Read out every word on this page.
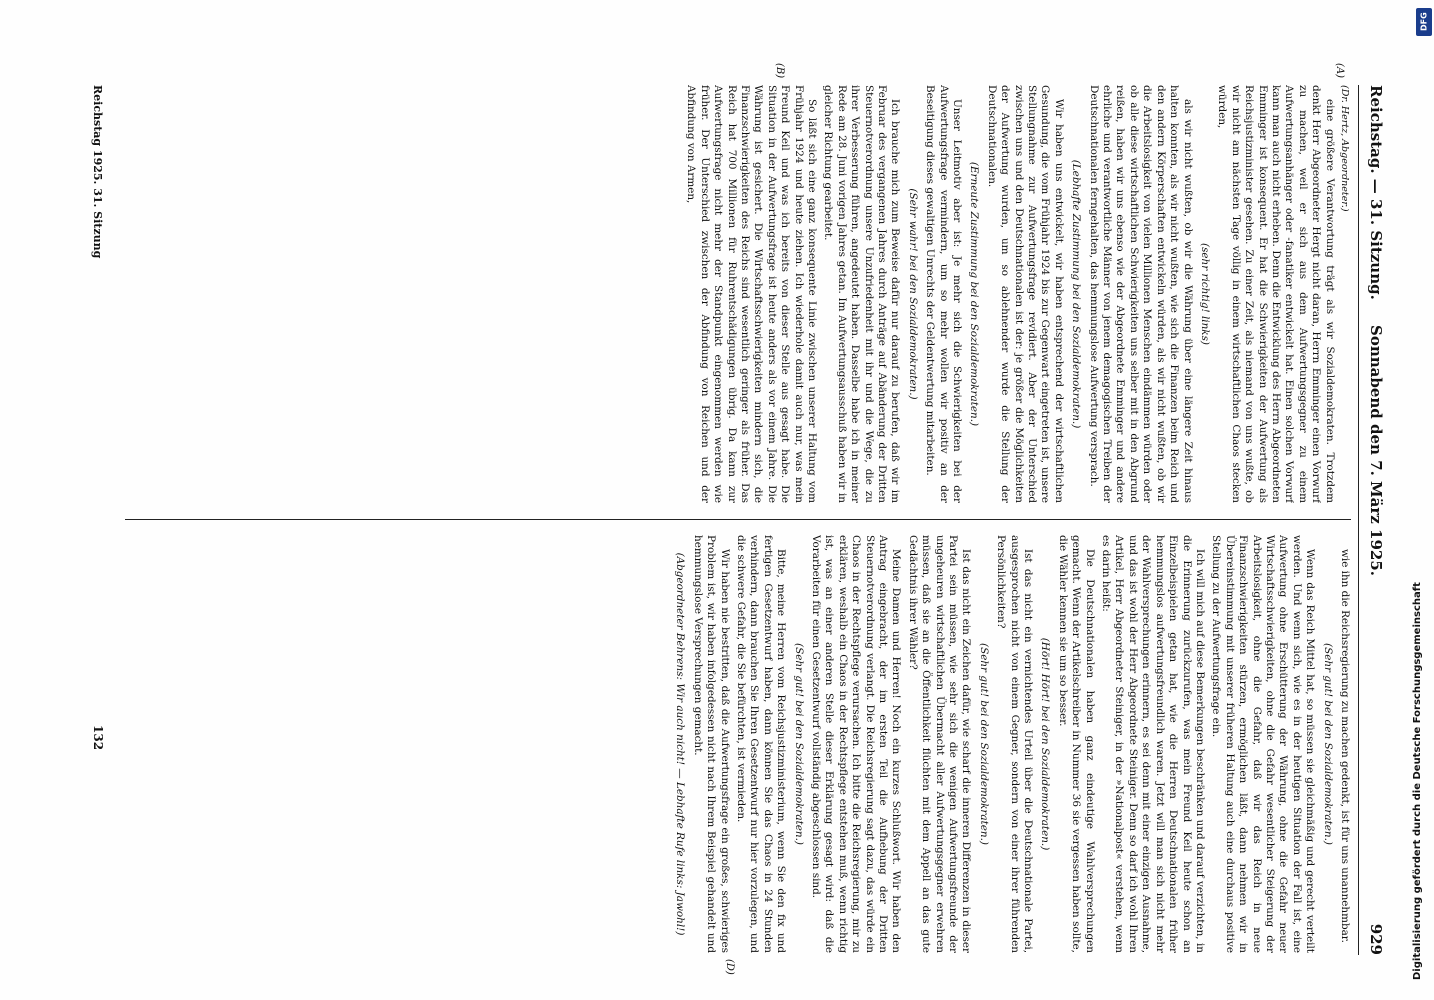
Reichstag. — 31. Sitzung.
Sonnabend den 7. März 1925.
929
(Dr. Hertz, Abgeordneter.)

eine größere Verantwortung trägt als wir Sozialdemokraten. Trotzdem denkt Herr Abgeordneter Hergt nicht daran, Herrn Emminger einen Vorwurf zu machen, weil er sich aus dem Aufwertungsgegner zu einem Aufwertungsanhänger oder -fanatiker entwickelt hat. Einen solchen Vorwurf kann man auch nicht erheben. Denn die Entwicklung des Herrn Abgeordneten Emminger ist konsequent. Er hat die Schwierigkeiten der Aufwertung als Reichsjustizminister gesehen. Zu einer Zeit, als niemand von uns wußte, ob wir nicht am nächsten Tage völlig in einem wirtschaftlichen Chaos stecken würden,

(sehr richtig! links)

als wir nicht wußten, ob wir die Währung über eine längere Zeit hinaus halten konnten, als wir nicht wußten, wie sich die Finanzen beim Reich und den andern Körperschaften entwickeln würden, als wir nicht wußten, ob wir die Arbeitslosigkeit von vielen Millionen Menschen eindämmen würden oder ob alle diese wirtschaftlichen Schwierigkeiten uns selber mit in den Abgrund reißen, haben wir uns ebenso wie der Abgeordnete Emminger und andere ehrliche und verantwortliche Männer von jenem demagogischen Treiben der Deutschnationalen ferngehalten, das hemmungslose Aufwertung versprach.

(Lebhafte Zustimmung bei den Sozialdemokraten.)

Wir haben uns entwickelt, wir haben entsprechend der wirtschaftlichen Gesundung, die vom Frühjahr 1924 bis zur Gegenwart eingetreten ist, unsere Stellungnahme zur Aufwertungsfrage revidiert. Aber der Unterschied zwischen uns und den Deutschnationalen ist der: je größer die Möglichkeiten der Aufwertung wurden, um so ablehnender wurde die Stellung der Deutschnationalen.

(Erneute Zustimmung bei den Sozialdemokraten.)

Unser Leitmotiv aber ist: Je mehr sich die Schwierigkeiten bei der Aufwertungsfrage vermindern, um so mehr wollen wir positiv an der Beseitigung dieses gewaltigen Unrechts der Geldentwertung mitarbeiten.

(Sehr wahr! bei den Sozialdemokraten.)

Ich brauche mich zum Beweise dafür nur darauf zu berufen, daß wir im Februar des vergangenen Jahres durch Anträge auf Abänderung der Dritten Steuernotverordnung unsere Unzufriedenheit mit ihr und die Wege, die zu ihrer Verbesserung führen, angedeutet haben. Dasselbe habe ich in meiner Rede am 28. Juni vorigen Jahres getan. Im Aufwertungsausschuß haben wir in gleicher Richtung gearbeitet.

So läßt sich eine ganz konsequente Linie zwischen unserer Haltung vom Frühjahr 1924 und heute ziehen. Ich wiederhole damit auch nur, was mein Freund Keil und was ich bereits von dieser Stelle aus gesagt habe. Die Situation in der Aufwertungsfrage ist heute anders als vor einem Jahre. Die Währung ist gesichert. Die Wirtschaftsschwierigkeiten mindern sich, die Finanzschwierigkeiten des Reichs sind wesentlich geringer als früher. Das Reich hat 700 Millionen für Ruhrentschädigungen übrig. Da kann zur Aufwertungsfrage nicht mehr der Standpunkt eingenommen werden wie früher. Der Unterschied zwischen der Abfindung von Reichen und der Abfindung von Armen,

wie ihn die Reichsregierung zu machen gedenkt, ist für uns unannehmbar.

(Sehr gut! bei den Sozialdemokraten.)

Wenn das Reich Mittel hat, so müssen sie gleichmäßig und gerecht verteilt werden. Und wenn sich, wie es in der heutigen Situation der Fall ist, eine Aufwertung ohne Erschütterung der Währung, ohne die Gefahr neuer Wirtschaftsschwierigkeiten, ohne die Gefahr wesentlicher Steigerung der Arbeitslosigkeit, ohne die Gefahr, daß wir das Reich in neue Finanzschwierigkeiten stürzen, ermöglichen läßt, dann nehmen wir in Übereinstimmung mit unserer früheren Haltung auch eine durchaus positive Stellung zu der Aufwertungsfrage ein.

Ich will mich auf diese Bemerkungen beschränken und darauf verzichten, in die Erinnerung zurückzurufen, was mein Freund Keil heute schon an Einzelbeispielen getan hat, wie die Herren Deutschnationalen früher hemmungslos aufwertungsfreundlich waren. Jetzt will man sich nicht mehr der Wahlversprechungen erinnern, es sei denn mit einer einzigen Ausnahme, und das ist wohl der Herr Abgeordnete Steiniger. Denn so darf ich wohl Ihren Artikel, Herr Abgeordneter Steiniger, in der »Nationalpost« verstehen, wenn es darin heißt:

Die Deutschnationalen haben ganz eindeutige Wahlversprechungen gemacht. Wenn der Artikelschreiber in Nummer 36 sie vergessen haben sollte, die Wähler kennen sie um so besser.

(Hört! Hört! bei den Sozialdemokraten.)

Ist das nicht ein vernichtendes Urteil über die Deutschnationale Partei, ausgesprochen nicht von einem Gegner, sondern von einer ihrer führenden Persönlichkeiten?

(Sehr gut! bei den Sozialdemokraten.)

Ist das nicht ein Zeichen dafür, wie scharf die inneren Differenzen in dieser Partei sein müssen, wie sehr sich die wenigen Aufwertungsfreunde der ungeheuren wirtschaftlichen Übermacht aller Aufwertungsgegner erwehren müssen, daß sie an die Öffentlichkeit flüchten mit dem Appell an das gute Gedächtnis ihrer Wähler?

Meine Damen und Herren! Noch ein kurzes Schlußwort. Wir haben den Antrag eingebracht, der im ersten Teil die Aufhebung der Dritten Steuernotverordnung verlangt. Die Reichsregierung sagt dazu, das würde ein Chaos in der Rechtspflege verursachen. Ich bitte die Reichsregierung, mir zu erklären, weshalb ein Chaos in der Rechtspflege entstehen muß, wenn richtig ist, was an einer anderen Stelle dieser Erklärung gesagt wird: daß die Vorarbeiten für einen Gesetzentwurf vollständig abgeschlossen sind.

(Sehr gut! bei den Sozialdemokraten.)

Bitte, meine Herren vom Reichsjustizministerium, wenn Sie den fix und fertigen Gesetzentwurf haben, dann können Sie das Chaos in 24 Stunden verhindern, dann brauchen Sie Ihren Gesetzentwurf nur hier vorzulegen, und die schwere Gefahr, die Sie befürchten, ist vermieden.

Wir haben nie bestritten, daß die Aufwertungsfrage ein großes, schwieriges Problem ist, wir haben infolgedessen nicht nach Ihrem Beispiel gehandelt und hemmungslose Versprechungen gemacht.

(Abgeordneter Behrens: Wir auch nicht! — Lebhafte Rufe links: Jawohl!)

(A)
(B)
(D)
Reichstag 1925. 31. Sitzung
132
DFG
Digitalisierung gefördert durch die Deutsche Forschungsgemeinschaft
